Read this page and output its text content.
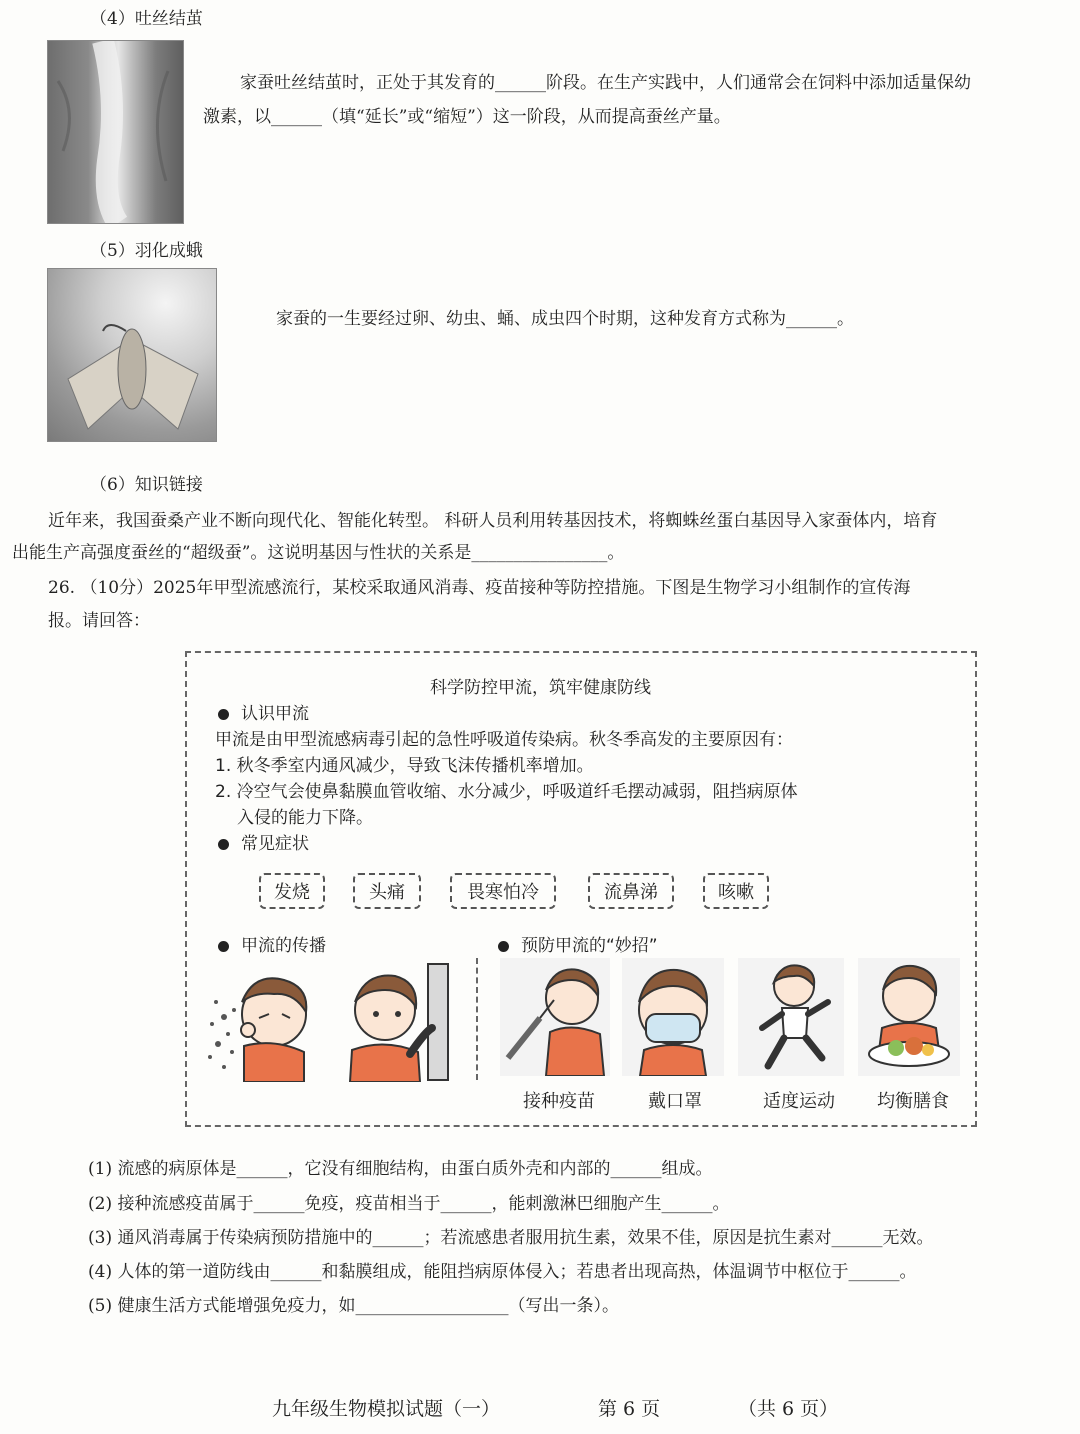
（4）吐丝结茧
家蚕吐丝结茧时，正处于其发育的______阶段。在生产实践中，人们通常会在饲料中添加适量保幼
激素，以______（填“延长”或“缩短”）这一阶段，从而提高蚕丝产量。
（5）羽化成蛾
家蚕的一生要经过卵、幼虫、蛹、成虫四个时期，这种发育方式称为______。
（6）知识链接
近年来，我国蚕桑产业不断向现代化、智能化转型。 科研人员利用转基因技术，将蜘蛛丝蛋白基因导入家蚕体内，培育
出能生产高强度蚕丝的“超级蚕”。这说明基因与性状的关系是________________。
26. （10分）2025年甲型流感流行，某校采取通风消毒、疫苗接种等防控措施。下图是生物学习小组制作的宣传海
报。请回答：
科学防控甲流，筑牢健康防线
认识甲流
甲流是由甲型流感病毒引起的急性呼吸道传染病。秋冬季高发的主要原因有：
1. 秋冬季室内通风减少，导致飞沫传播机率增加。
2. 冷空气会使鼻黏膜血管收缩、水分减少，呼吸道纤毛摆动减弱，阻挡病原体
入侵的能力下降。
常见症状
发烧	头痛	畏寒怕冷	流鼻涕	咳嗽
甲流的传播	预防甲流的“妙招”
接种疫苗	戴口罩	适度运动	均衡膳食
(1) 流感的病原体是______，它没有细胞结构，由蛋白质外壳和内部的______组成。
(2) 接种流感疫苗属于______免疫，疫苗相当于______，能刺激淋巴细胞产生______。
(3) 通风消毒属于传染病预防措施中的______；若流感患者服用抗生素，效果不佳，原因是抗生素对______无效。
(4) 人体的第一道防线由______和黏膜组成，能阻挡病原体侵入；若患者出现高热，体温调节中枢位于______。
(5) 健康生活方式能增强免疫力，如__________________（写出一条）。
九年级生物模拟试题（一）	第 6 页	（共 6 页）
